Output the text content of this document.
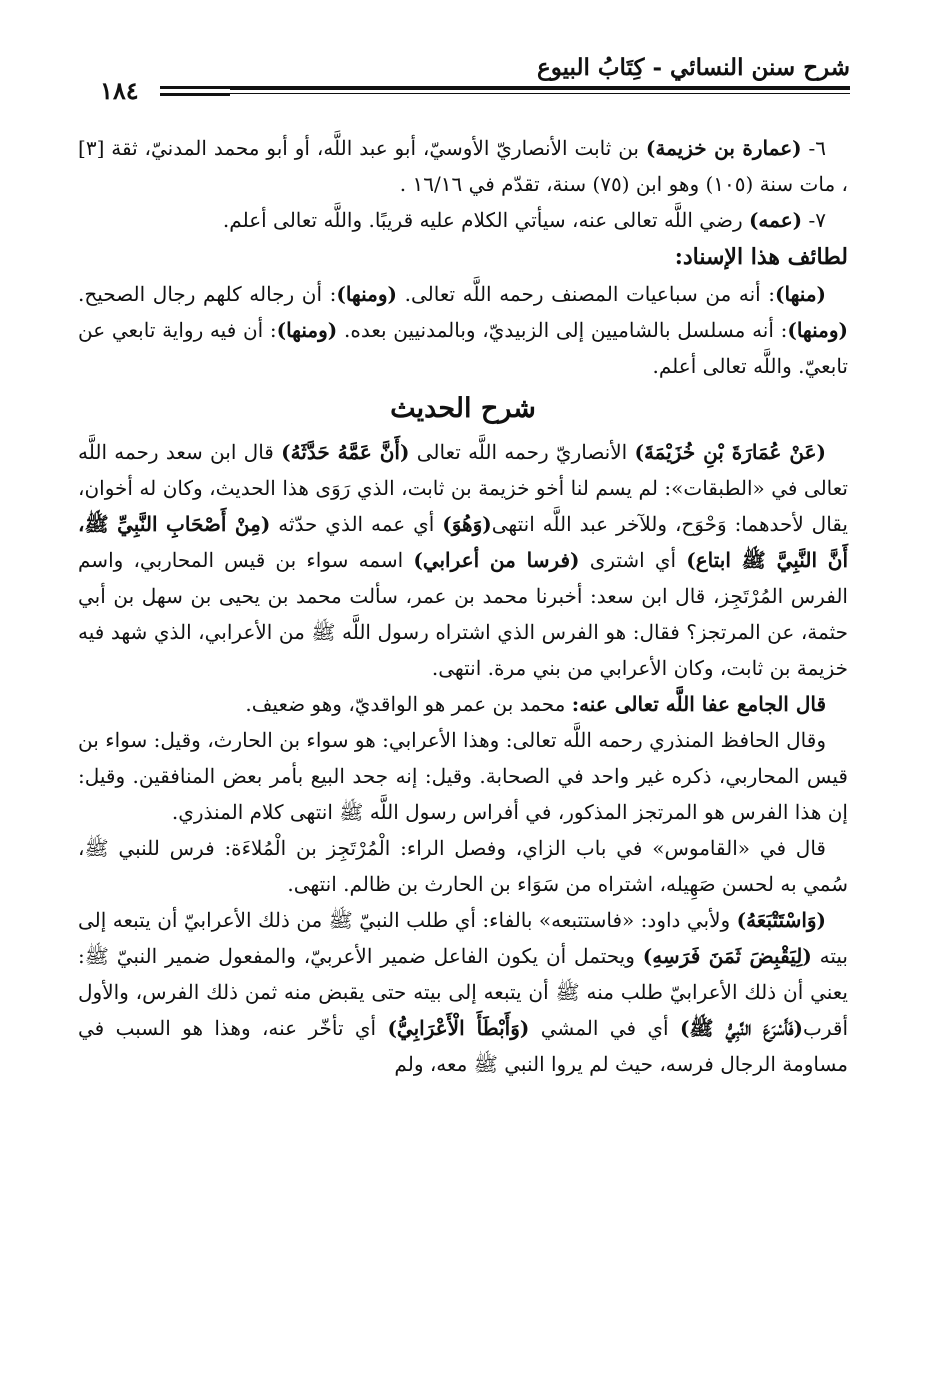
شرح سنن النسائي - كِتَابُ البيوع
١٨٤

٦- (عمارة بن خزيمة) بن ثابت الأنصاريّ الأوسيّ، أبو عبد اللَّه، أو أبو محمد المدنيّ، ثقة [٣] ، مات سنة (١٠٥) وهو ابن (٧٥) سنة، تقدّم في ١٦/١٦ .

٧- (عمه) رضي اللَّه تعالى عنه، سيأتي الكلام عليه قريبًا. واللَّه تعالى أعلم.

لطائف هذا الإسناد:

(منها): أنه من سباعيات المصنف رحمه اللَّه تعالى. (ومنها): أن رجاله كلهم رجال الصحيح. (ومنها): أنه مسلسل بالشاميين إلى الزبيديّ، وبالمدنيين بعده. (ومنها): أن فيه رواية تابعي عن تابعيّ. واللَّه تعالى أعلم.

شرح الحديث

(عَنْ عُمَارَةَ بْنِ خُزَيْمَةَ) الأنصاريّ رحمه اللَّه تعالى (أَنَّ عَمَّهُ حَدَّثَهُ) قال ابن سعد رحمه اللَّه تعالى في «الطبقات»: لم يسم لنا أخو خزيمة بن ثابت، الذي رَوَى هذا الحديث، وكان له أخوان، يقال لأحدهما: وَحْوَح، وللآخر عبد اللَّه انتهى(وَهُوَ) أي عمه الذي حدّثه (مِنْ أَصْحَابِ النَّبِيِّ ﷺ، أَنَّ النَّبِيَّ ﷺ ابتاع) أي اشترى (فرسا من أعرابي) اسمه سواء بن قيس المحاربي، واسم الفرس المُرْتَجِز، قال ابن سعد: أخبرنا محمد بن عمر، سألت محمد بن يحيى بن سهل بن أبي حثمة، عن المرتجز؟ فقال: هو الفرس الذي اشتراه رسول اللَّه ﷺ من الأعرابي، الذي شهد فيه خزيمة بن ثابت، وكان الأعرابي من بني مرة. انتهى.

قال الجامع عفا اللَّه تعالى عنه: محمد بن عمر هو الواقديّ، وهو ضعيف.

وقال الحافظ المنذري رحمه اللَّه تعالى: وهذا الأعرابي: هو سواء بن الحارث، وقيل: سواء بن قيس المحاربي، ذكره غير واحد في الصحابة. وقيل: إنه جحد البيع بأمر بعض المنافقين. وقيل: إن هذا الفرس هو المرتجز المذكور، في أفراس رسول اللَّه ﷺ انتهى كلام المنذري.

قال في «القاموس» في باب الزاي، وفصل الراء: الْمُرْتَجِز بن الْمُلاءَة: فرس للنبي ﷺ، سُمي به لحسن صَهِيله، اشتراه من سَوَاء بن الحارث بن ظالم. انتهى.

(وَاسْتَتْبَعَهُ) ولأبي داود: «فاستتبعه» بالفاء: أي طلب النبيّ ﷺ من ذلك الأعرابيّ أن يتبعه إلى بيته (لِيَقْبِضَ ثَمَنَ فَرَسِهِ) ويحتمل أن يكون الفاعل ضمير الأعربيّ، والمفعول ضمير النبيّ ﷺ: يعني أن ذلك الأعرابيّ طلب منه ﷺ أن يتبعه إلى بيته حتى يقبض منه ثمن ذلك الفرس، والأول أقرب(فَأَسْرَعَ النَّبِيُّ ﷺ) أي في المشي (وَأَبْطَأَ الْأَعْرَابِيُّ) أي تأخّر عنه، وهذا هو السبب في مساومة الرجال فرسه، حيث لم يروا النبي ﷺ معه، ولم
